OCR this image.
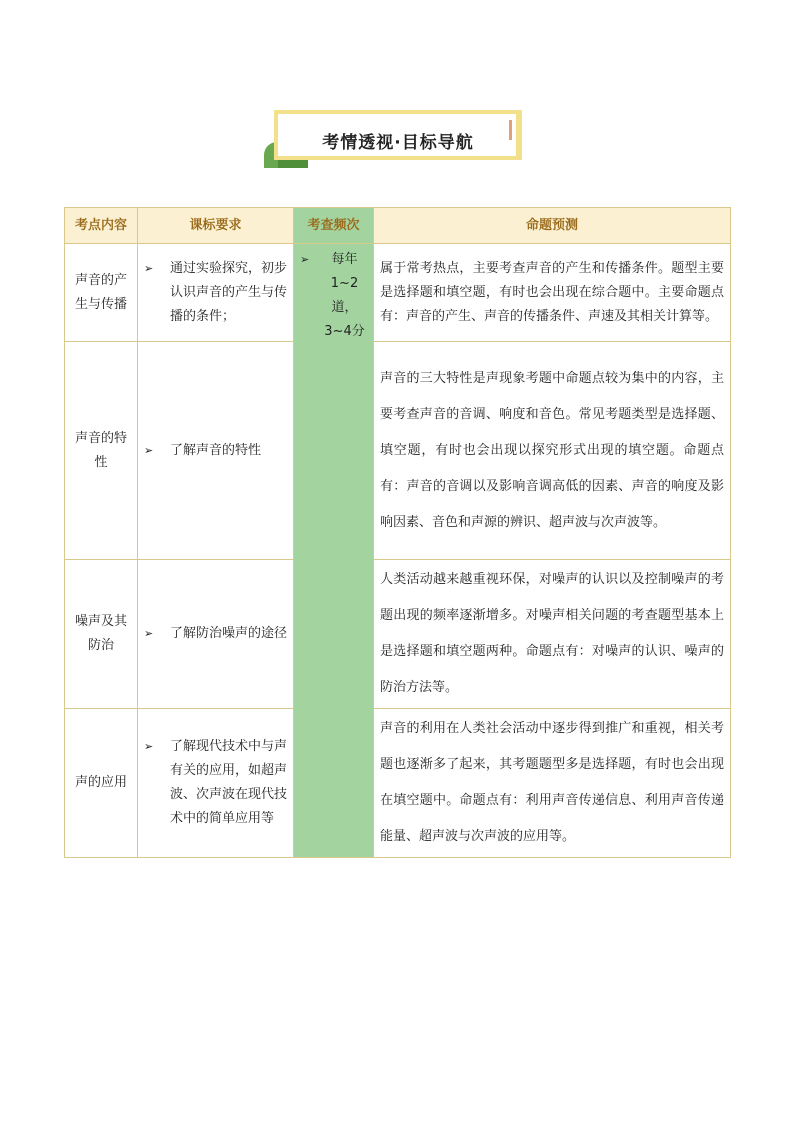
考情透视·目标导航
考点内容	课标要求	考查频次	命题预测
声音的产生与传播	➢ 通过实验探究，初步认识声音的产生与传播的条件；	➢ 每年1~2道，3~4分	属于常考热点，主要考查声音的产生和传播条件。题型主要是选择题和填空题，有时也会出现在综合题中。主要命题点有：声音的产生、声音的传播条件、声速及其相关计算等。
声音的特性	➢ 了解声音的特性		声音的三大特性是声现象考题中命题点较为集中的内容，主要考查声音的音调、响度和音色。常见考题类型是选择题、填空题，有时也会出现以探究形式出现的填空题。命题点有：声音的音调以及影响音调高低的因素、声音的响度及影响因素、音色和声源的辨识、超声波与次声波等。
噪声及其防治	➢ 了解防治噪声的途径		人类活动越来越重视环保，对噪声的认识以及控制噪声的考题出现的频率逐渐增多。对噪声相关问题的考查题型基本上是选择题和填空题两种。命题点有：对噪声的认识、噪声的防治方法等。
声的应用	➢ 了解现代技术中与声有关的应用，如超声波、次声波在现代技术中的简单应用等		声音的利用在人类社会活动中逐步得到推广和重视，相关考题也逐渐多了起来，其考题题型多是选择题，有时也会出现在填空题中。命题点有：利用声音传递信息、利用声音传递能量、超声波与次声波的应用等。
